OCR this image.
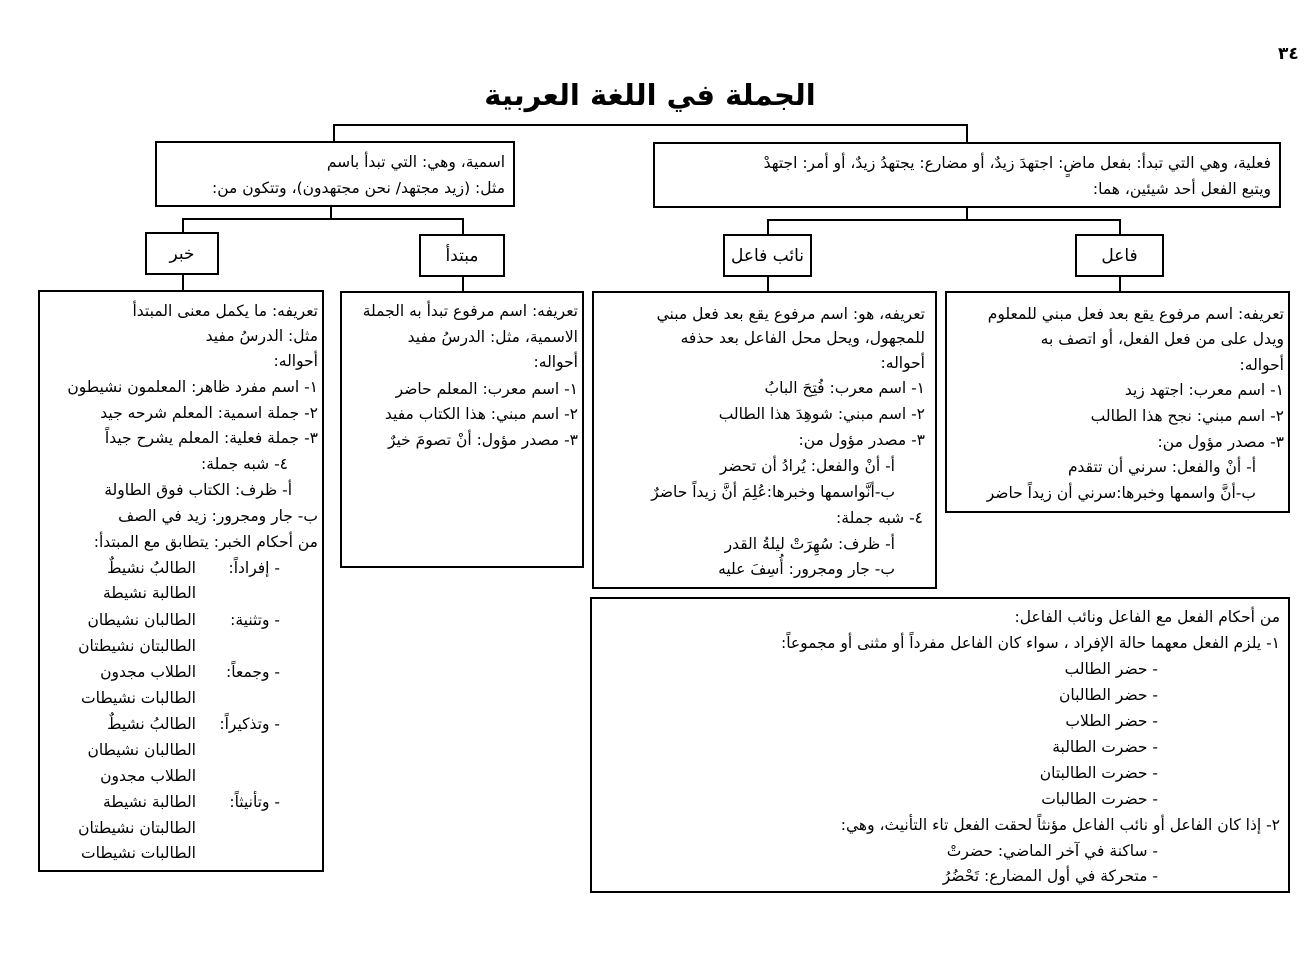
٣٤
الجملة في اللغة العربية
فعلية، وهي التي تبدأ: بفعل ماضٍ: اجتهدَ زيدٌ، أو مضارع: يجتهدُ زيدٌ، أو أمر: اجتهدْ
ويتبع الفعل أحد شيئين، هما:
اسمية، وهي: التي تبدأ باسم
مثل: (زيد مجتهد/ نحن مجتهدون)، وتتكون من:
فاعل
نائب فاعل
مبتدأ
خبر
تعريفه: اسم مرفوع يقع بعد فعل مبني للمعلوم
ويدل على من فعل الفعل، أو اتصف به
أحواله:
١- اسم معرب: اجتهد زيد
٢- اسم مبني: نجح هذا الطالب
٣- مصدر مؤول من:
أ- أنْ والفعل: سرني أن تتقدم
ب-أنَّ واسمها وخبرها:سرني أن زيداً حاضر
تعريفه، هو: اسم مرفوع يقع بعد فعل مبني
للمجهول، ويحل محل الفاعل بعد حذفه
أحواله:
١- اسم معرب: فُتِحَ البابُ
٢- اسم مبني: شوهِدَ هذا الطالب
٣- مصدر مؤول من:
أ- أنْ والفعل: يُرادُ أن تحضر
ب-أنَّواسمها وخبرها:عُلِمَ أنَّ زيداً حاضرٌ
٤- شبه جملة:
أ- ظرف: سُهِرَتْ ليلةُ القدر
ب- جار ومجرور: أُسِفَ عليه
تعريفه: اسم مرفوع تبدأ به الجملة
الاسمية، مثل: الدرسُ مفيد
أحواله:
١- اسم معرب: المعلم حاضر
٢- اسم مبني: هذا الكتاب مفيد
٣- مصدر مؤول: أنْ تصومَ خيرٌ
تعريفه: ما يكمل معنى المبتدأ
مثل: الدرسُ مفيد
أحواله:
١- اسم مفرد ظاهر: المعلمون نشيطون
٢- جملة اسمية: المعلم شرحه جيد
٣- جملة فعلية: المعلم يشرح جيداً
٤- شبه جملة:
أ- ظرف: الكتاب فوق الطاولة
ب- جار ومجرور: زيد في الصف
من أحكام الخبر: يتطابق مع المبتدأ:
- إفراداً:
الطالبُ نشيطٌ
الطالبة نشيطة
- وتثنية:
الطالبان نشيطان
الطالبتان نشيطتان
- وجمعاً:
الطلاب مجدون
الطالبات نشيطات
- وتذكيراً:
الطالبُ نشيطٌ
الطالبان نشيطان
الطلاب مجدون
- وتأنيثاً:
الطالبة نشيطة
الطالبتان نشيطتان
الطالبات نشيطات
من أحكام الفعل مع الفاعل ونائب الفاعل:
١- يلزم الفعل معهما حالة الإفراد ، سواء كان الفاعل مفرداً أو مثنى أو مجموعاً:
- حضر الطالب
- حضر الطالبان
- حضر الطلاب
- حضرت الطالبة
- حضرت الطالبتان
- حضرت الطالبات
٢- إذا كان الفاعل أو نائب الفاعل مؤنثاً لحقت الفعل تاء التأنيث، وهي:
- ساكنة في آخر الماضي: حضرتْ
- متحركة في أول المضارع: تَحْضُرُ
